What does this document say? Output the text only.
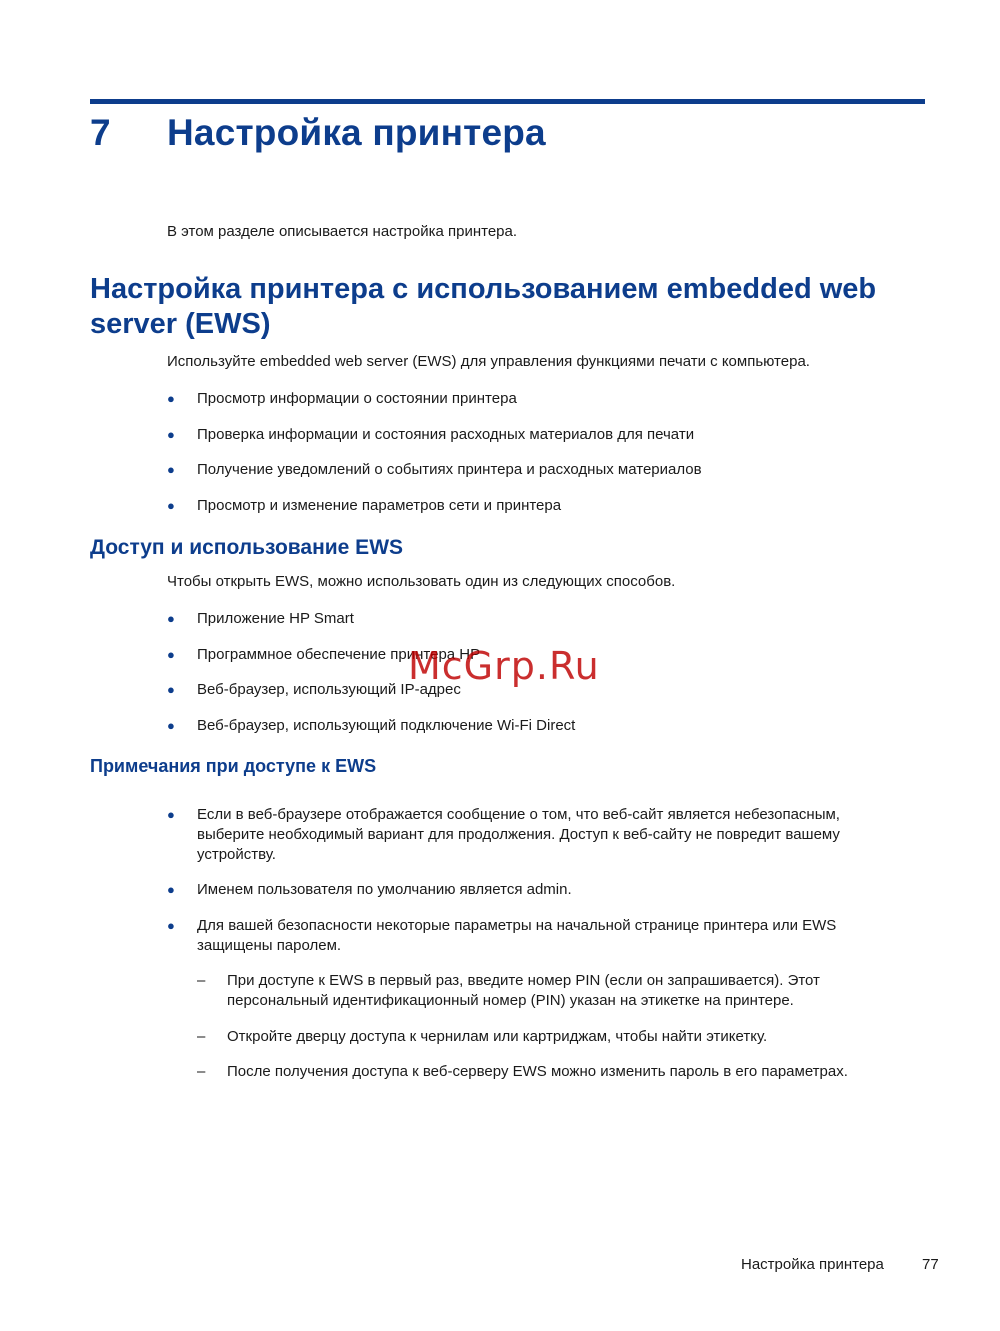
7 Настройка принтера
В этом разделе описывается настройка принтера.
Настройка принтера с использованием embedded web server (EWS)
Используйте embedded web server (EWS) для управления функциями печати с компьютера.
●	Просмотр информации о состоянии принтера
●	Проверка информации и состояния расходных материалов для печати
●	Получение уведомлений о событиях принтера и расходных материалов
●	Просмотр и изменение параметров сети и принтера
Доступ и использование EWS
Чтобы открыть EWS, можно использовать один из следующих способов.
●	Приложение HP Smart
●	Программное обеспечение принтера HP
●	Веб-браузер, использующий IP-адрес
●	Веб-браузер, использующий подключение Wi-Fi Direct
Примечания при доступе к EWS
●	Если в веб-браузере отображается сообщение о том, что веб-сайт является небезопасным, выберите необходимый вариант для продолжения. Доступ к веб-сайту не повредит вашему устройству.
●	Именем пользователя по умолчанию является admin.
●	Для вашей безопасности некоторые параметры на начальной странице принтера или EWS защищены паролем.
–	При доступе к EWS в первый раз, введите номер PIN (если он запрашивается). Этот персональный идентификационный номер (PIN) указан на этикетке на принтере.
–	Откройте дверцу доступа к чернилам или картриджам, чтобы найти этикетку.
–	После получения доступа к веб-серверу EWS можно изменить пароль в его параметрах.
McGrp.Ru
Настройка принтера	77
